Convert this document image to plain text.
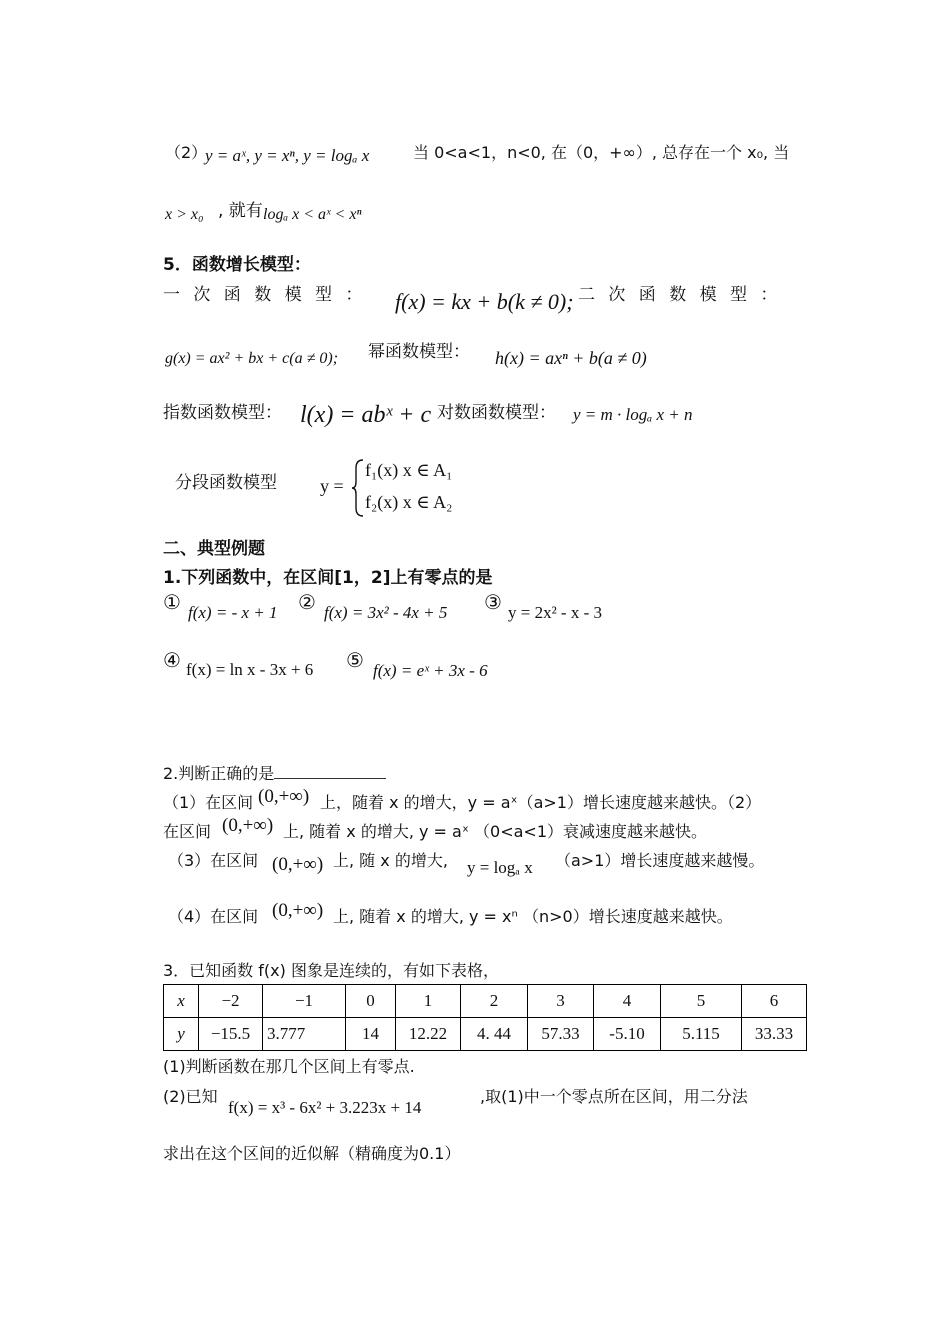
（2）
y = aˣ, y = xⁿ, y = logₐ x	当 0<a<1，n<0, 在（0，+∞）, 总存在一个 x₀, 当
x > x₀ , 就有 logₐ x < aˣ < xⁿ
5．函数增长模型：
一 次 函 数 模 型 ： f(x) = kx + b(k ≠ 0); 二 次 函 数 模 型 ：
g(x) = ax² + bx + c(a ≠ 0); 幂函数模型： h(x) = axⁿ + b(a ≠ 0)
指数函数模型： l(x) = abˣ + c 对数函数模型： y = m · logₐ x + n
分段函数模型 y =
f₁(x) x ∈ A₁
f₂(x) x ∈ A₂
二、典型例题
1.下列函数中，在区间[1，2]上有零点的是
① f(x) = - x + 1 ② f(x) = 3x² - 4x + 5 ③ y = 2x² - x - 3
④ f(x) = ln x - 3x + 6 ⑤ f(x) = eˣ + 3x - 6
2.判断正确的是
（1）在区间 (0,+∞) 上，随着 x 的增大，y = aˣ（a>1）增长速度越来越快。（2）
在区间 (0,+∞) 上, 随着 x 的增大, y = aˣ （0<a<1）衰减速度越来越快。
（3）在区间 (0,+∞) 上, 随 x 的增大, y = logₐ x （a>1）增长速度越来越慢。
（4）在区间 (0,+∞) 上, 随着 x 的增大, y = xⁿ （n>0）增长速度越来越快。
3．已知函数 f(x) 图象是连续的，有如下表格，
x	−2	−1	0	1	2	3	4	5	6
y	−15.5	3.777	14	12.22	4. 44	57.33	-5.10	5.115	33.33
(1)判断函数在那几个区间上有零点.
(2)已知
f(x) = x³ - 6x² + 3.223x + 14
,取(1)中一个零点所在区间，用二分法
求出在这个区间的近似解（精确度为0.1）
